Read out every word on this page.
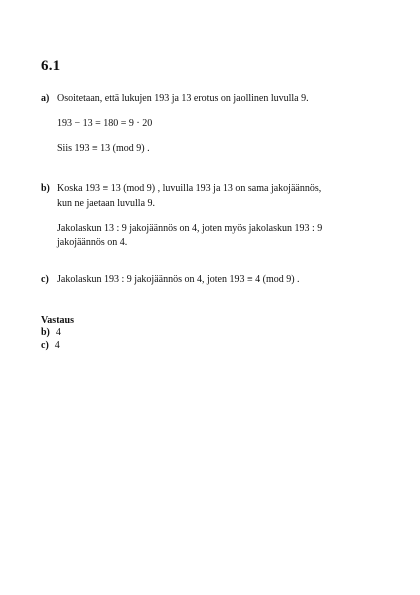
6.1
a) Osoitetaan, että lukujen 193 ja 13 erotus on jaollinen luvulla 9.
193 − 13 = 180 = 9 · 20
Siis 193 ≡ 13 (mod 9) .
b) Koska 193 ≡ 13 (mod 9) , luvuilla 193 ja 13 on sama jakojäännös,
kun ne jaetaan luvulla 9.
Jakolaskun 13 : 9 jakojäännös on 4, joten myös jakolaskun 193 : 9
jakojäännös on 4.
c) Jakolaskun 193 : 9 jakojäännös on 4, joten 193 ≡ 4 (mod 9) .
Vastaus
b) 4
c) 4
